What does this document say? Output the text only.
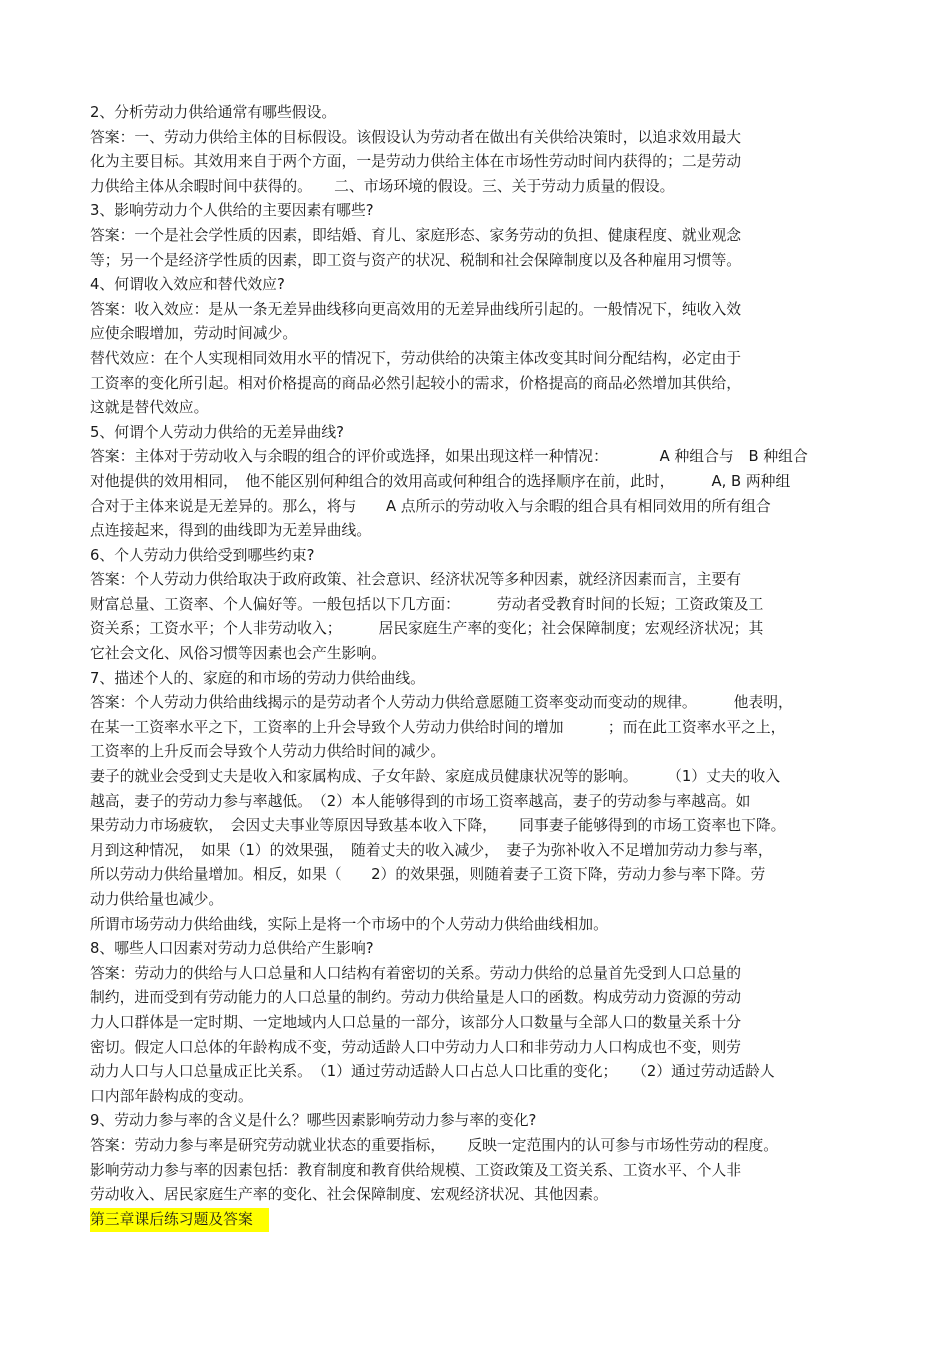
2、分析劳动力供给通常有哪些假设。
答案：一、劳动力供给主体的目标假设。该假设认为劳动者在做出有关供给决策时，以追求效用最大
化为主要目标。其效用来自于两个方面，一是劳动力供给主体在市场性劳动时间内获得的；二是劳动
力供给主体从余暇时间中获得的。　　二、市场环境的假设。三、关于劳动力质量的假设。
3、影响劳动力个人供给的主要因素有哪些?
答案：一个是社会学性质的因素，即结婚、育儿、家庭形态、家务劳动的负担、健康程度、就业观念
等；另一个是经济学性质的因素，即工资与资产的状况、税制和社会保障制度以及各种雇用习惯等。
4、何谓收入效应和替代效应?
答案：收入效应：是从一条无差异曲线移向更高效用的无差异曲线所引起的。一般情况下，纯收入效
应使余暇增加，劳动时间减少。
替代效应：在个人实现相同效用水平的情况下，劳动供给的决策主体改变其时间分配结构，必定由于
工资率的变化所引起。相对价格提高的商品必然引起较小的需求，价格提高的商品必然增加其供给，
这就是替代效应。
5、何谓个人劳动力供给的无差异曲线?
答案：主体对于劳动收入与余暇的组合的评价或选择，如果出现这样一种情况：　　　　A 种组合与　B 种组合
对他提供的效用相同，　他不能区别何种组合的效用高或何种组合的选择顺序在前，此时，　　　A, B 两种组
合对于主体来说是无差异的。那么，将与　　A 点所示的劳动收入与余暇的组合具有相同效用的所有组合
点连接起来，得到的曲线即为无差异曲线。
6、个人劳动力供给受到哪些约束?
答案：个人劳动力供给取决于政府政策、社会意识、经济状况等多种因素，就经济因素而言，主要有
财富总量、工资率、个人偏好等。一般包括以下几方面：　　　劳动者受教育时间的长短；工资政策及工
资关系；工资水平；个人非劳动收入；　　　居民家庭生产率的变化；社会保障制度；宏观经济状况；其
它社会文化、风俗习惯等因素也会产生影响。
7、描述个人的、家庭的和市场的劳动力供给曲线。
答案：个人劳动力供给曲线揭示的是劳动者个人劳动力供给意愿随工资率变动而变动的规律。　　　他表明，
在某一工资率水平之下，工资率的上升会导致个人劳动力供给时间的增加　　　；而在此工资率水平之上，
工资率的上升反而会导致个人劳动力供给时间的减少。
妻子的就业会受到丈夫是收入和家属构成、子女年龄、家庭成员健康状况等的影响。　　　（1）丈夫的收入
越高，妻子的劳动力参与率越低。　（2）本人能够得到的市场工资率越高，妻子的劳动参与率越高。如
果劳动力市场疲软，　会因丈夫事业等原因导致基本收入下降，　　同事妻子能够得到的市场工资率也下降。
月到这种情况，　如果（1）的效果强，　随着丈夫的收入减少，　妻子为弥补收入不足增加劳动力参与率，
所以劳动力供给量增加。相反，如果（　　2）的效果强，则随着妻子工资下降，劳动力参与率下降。劳
动力供给量也减少。
所谓市场劳动力供给曲线，实际上是将一个市场中的个人劳动力供给曲线相加。
8、哪些人口因素对劳动力总供给产生影响?
答案：劳动力的供给与人口总量和人口结构有着密切的关系。劳动力供给的总量首先受到人口总量的
制约，进而受到有劳动能力的人口总量的制约。劳动力供给量是人口的函数。构成劳动力资源的劳动
力人口群体是一定时期、一定地域内人口总量的一部分，该部分人口数量与全部人口的数量关系十分
密切。假定人口总体的年龄构成不变，劳动适龄人口中劳动力人口和非劳动力人口构成也不变，则劳
动力人口与人口总量成正比关系。　（1）通过劳动适龄人口占总人口比重的变化；　　（2）通过劳动适龄人
口内部年龄构成的变动。
9、劳动力参与率的含义是什么？哪些因素影响劳动力参与率的变化?
答案：劳动力参与率是研究劳动就业状态的重要指标，　　反映一定范围内的认可参与市场性劳动的程度。
影响劳动力参与率的因素包括：教育制度和教育供给规模、工资政策及工资关系、工资水平、个人非
劳动收入、居民家庭生产率的变化、社会保障制度、宏观经济状况、其他因素。
第三章课后练习题及答案
